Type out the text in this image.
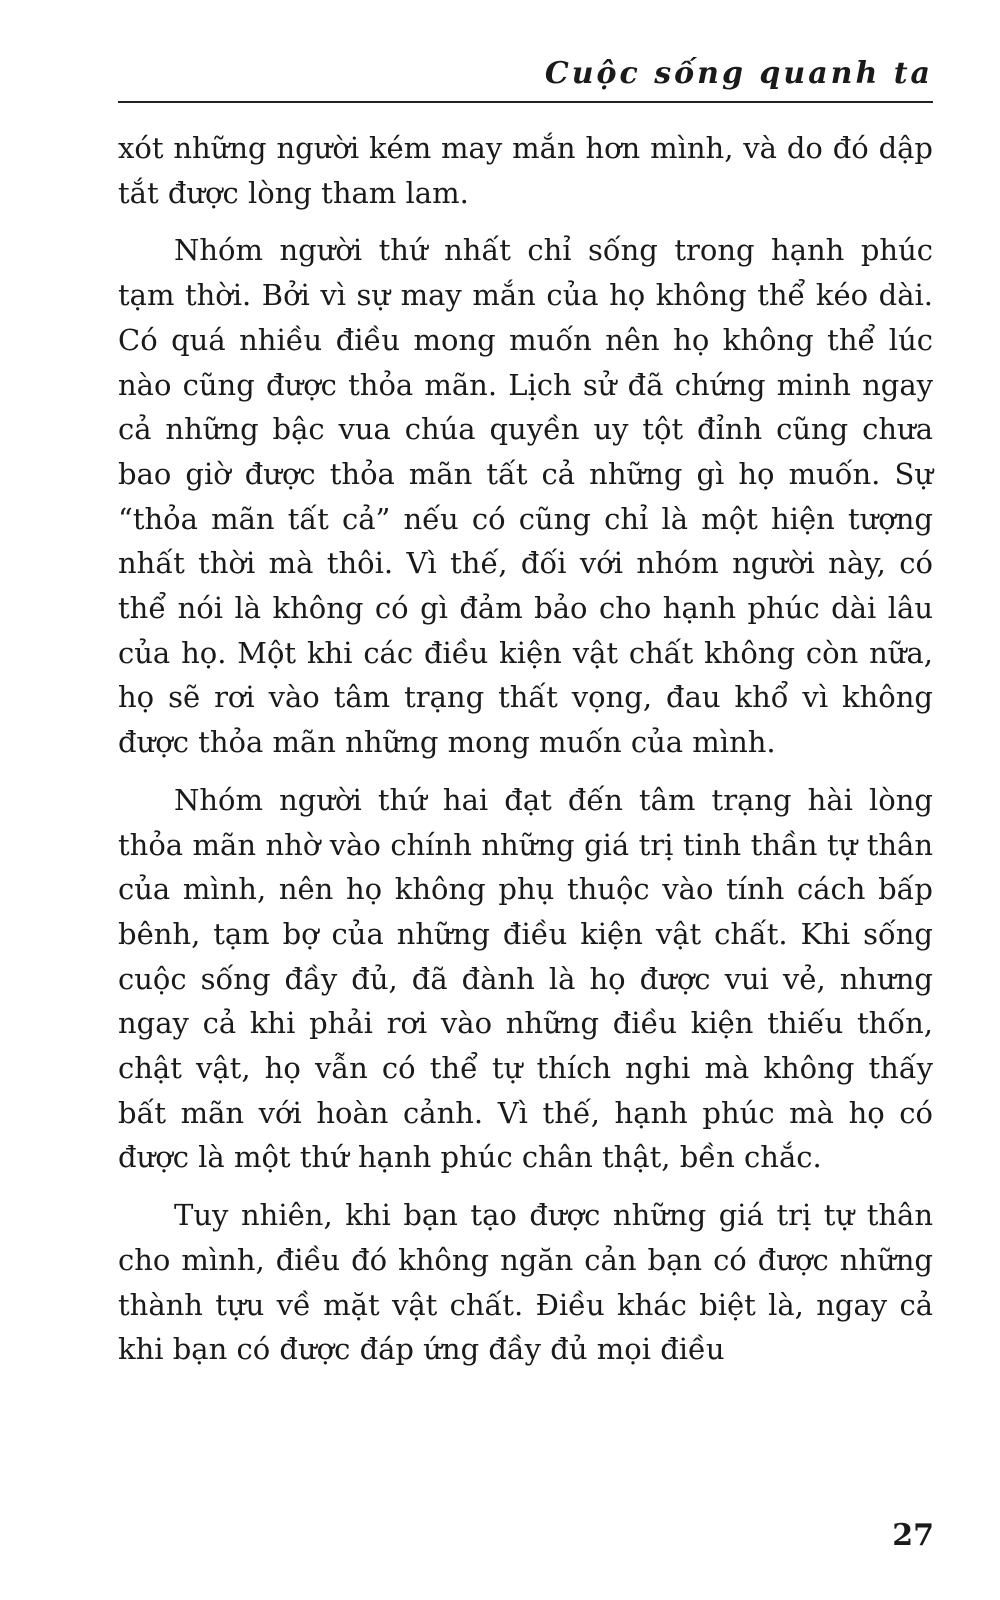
Cuộc sống quanh ta

xót những người kém may mắn hơn mình, và do đó dập tắt được lòng tham lam.

Nhóm người thứ nhất chỉ sống trong hạnh phúc tạm thời. Bởi vì sự may mắn của họ không thể kéo dài. Có quá nhiều điều mong muốn nên họ không thể lúc nào cũng được thỏa mãn. Lịch sử đã chứng minh ngay cả những bậc vua chúa quyền uy tột đỉnh cũng chưa bao giờ được thỏa mãn tất cả những gì họ muốn. Sự “thỏa mãn tất cả” nếu có cũng chỉ là một hiện tượng nhất thời mà thôi. Vì thế, đối với nhóm người này, có thể nói là không có gì đảm bảo cho hạnh phúc dài lâu của họ. Một khi các điều kiện vật chất không còn nữa, họ sẽ rơi vào tâm trạng thất vọng, đau khổ vì không được thỏa mãn những mong muốn của mình.

Nhóm người thứ hai đạt đến tâm trạng hài lòng thỏa mãn nhờ vào chính những giá trị tinh thần tự thân của mình, nên họ không phụ thuộc vào tính cách bấp bênh, tạm bợ của những điều kiện vật chất. Khi sống cuộc sống đầy đủ, đã đành là họ được vui vẻ, nhưng ngay cả khi phải rơi vào những điều kiện thiếu thốn, chật vật, họ vẫn có thể tự thích nghi mà không thấy bất mãn với hoàn cảnh. Vì thế, hạnh phúc mà họ có được là một thứ hạnh phúc chân thật, bền chắc.

Tuy nhiên, khi bạn tạo được những giá trị tự thân cho mình, điều đó không ngăn cản bạn có được những thành tựu về mặt vật chất. Điều khác biệt là, ngay cả khi bạn có được đáp ứng đầy đủ mọi điều

27
